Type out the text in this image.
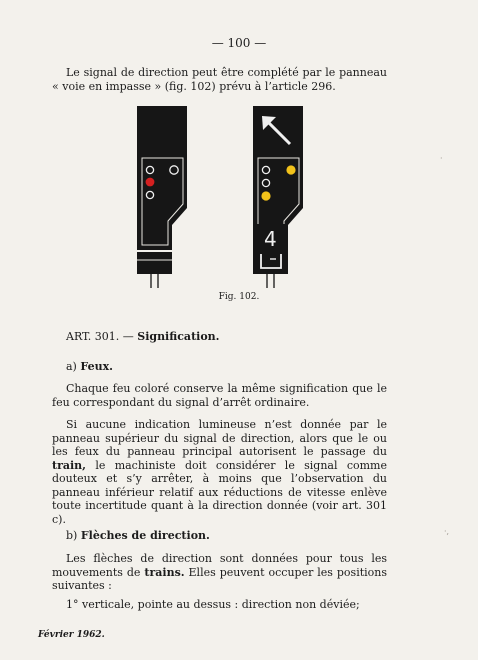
— 100 —

Le signal de direction peut être complété par le panneau « voie en impasse » (fig. 102) prévu à l’article 296.

4
Fig. 102.
ART. 301. — Signification.
a) Feux.

Chaque feu coloré conserve la même signification que le feu correspondant du signal d’arrêt ordinaire.

Si aucune indication lumineuse n’est donnée par le panneau supérieur du signal de direction, alors que le ou les feux du panneau principal autorisent le passage du train, le machiniste doit considérer le signal comme douteux et s’y arrêter, à moins que l’observation du panneau inférieur relatif aux réductions de vitesse enlève toute incertitude quant à la direction donnée (voir art. 301 c).

b) Flèches de direction.

Les flèches de direction sont données pour tous les mouvements de trains. Elles peuvent occuper les positions suivantes :

1° verticale, pointe au dessus : direction non déviée;

Février 1962.
·
·,
